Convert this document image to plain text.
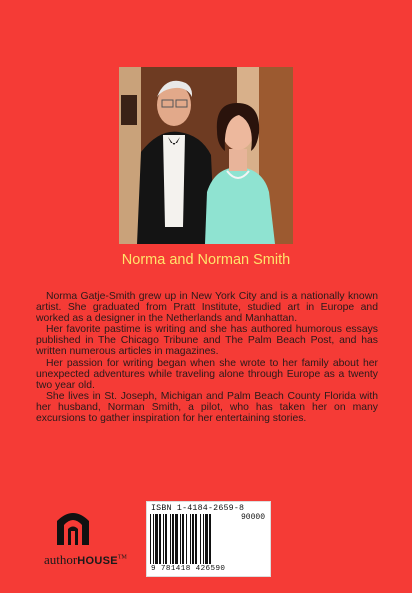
Norma and Norman Smith

Norma Gatje-Smith grew up in New York City and is a nationally known artist. She graduated from Pratt Institute, studied art in Europe and worked as a designer in the Netherlands and Manhattan.

Her favorite pastime is writing and she has authored humorous essays published in The Chicago Tribune and The Palm Beach Post, and has written numerous articles in magazines.

Her passion for writing began when she wrote to her family about her unexpected adventures while traveling alone through Europe as a twenty two year old.

She lives in St. Joseph, Michigan and Palm Beach County Florida with her husband, Norman Smith, a pilot, who has taken her on many excursions to gather inspiration for her entertaining stories.

authorHOUSE™
ISBN 1-4184-2659-8
90000
9 781418 426590
